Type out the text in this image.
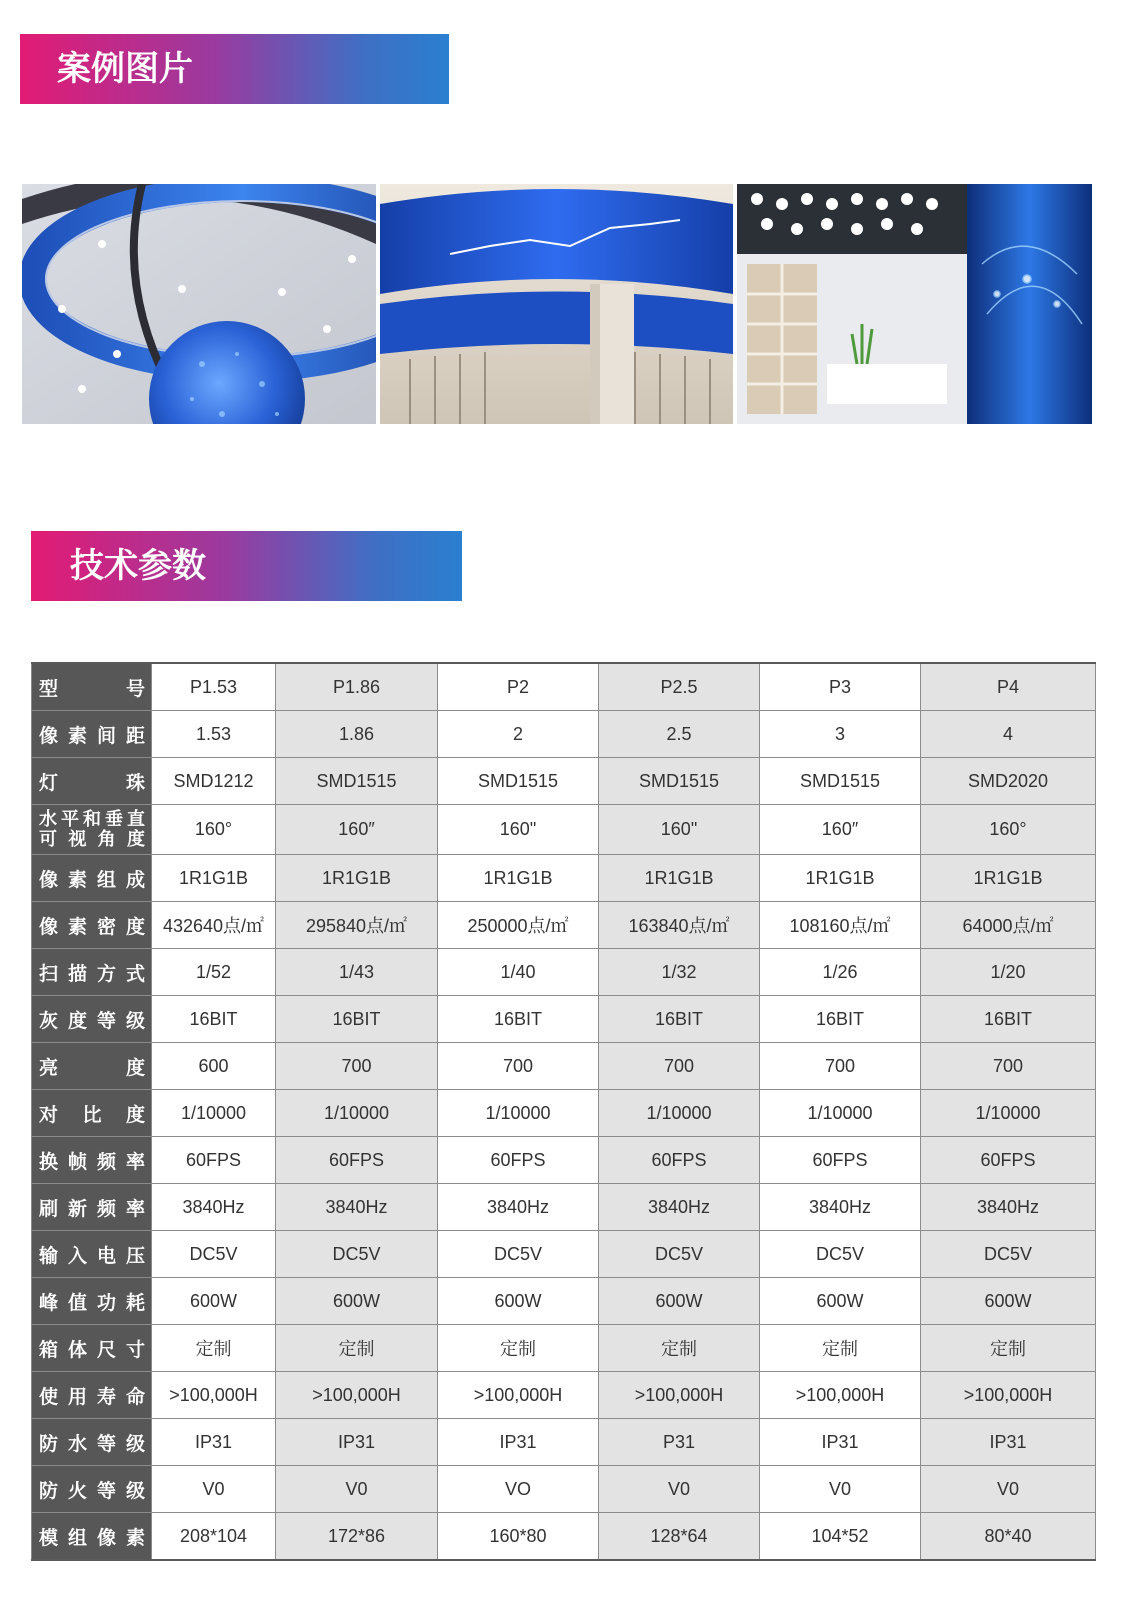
案例图片
技术参数
型号	P1.53	P1.86	P2	P2.5	P3	P4
像素间距	1.53	1.86	2	2.5	3	4
灯珠	SMD1212	SMD1515	SMD1515	SMD1515	SMD1515	SMD2020
水平和垂直可视角度	160°	160″	160"	160"	160″	160°
像素组成	1R1G1B	1R1G1B	1R1G1B	1R1G1B	1R1G1B	1R1G1B
像素密度	432640点/㎡	295840点/㎡	250000点/㎡	163840点/㎡	108160点/㎡	64000点/㎡
扫描方式	1/52	1/43	1/40	1/32	1/26	1/20
灰度等级	16BIT	16BIT	16BIT	16BIT	16BIT	16BIT
亮度	600	700	700	700	700	700
对比度	1/10000	1/10000	1/10000	1/10000	1/10000	1/10000
换帧频率	60FPS	60FPS	60FPS	60FPS	60FPS	60FPS
刷新频率	3840Hz	3840Hz	3840Hz	3840Hz	3840Hz	3840Hz
输入电压	DC5V	DC5V	DC5V	DC5V	DC5V	DC5V
峰值功耗	600W	600W	600W	600W	600W	600W
箱体尺寸	定制	定制	定制	定制	定制	定制
使用寿命	>100,000H	>100,000H	>100,000H	>100,000H	>100,000H	>100,000H
防水等级	IP31	IP31	IP31	P31	IP31	IP31
防火等级	V0	V0	VO	V0	V0	V0
模组像素	208*104	172*86	160*80	128*64	104*52	80*40
